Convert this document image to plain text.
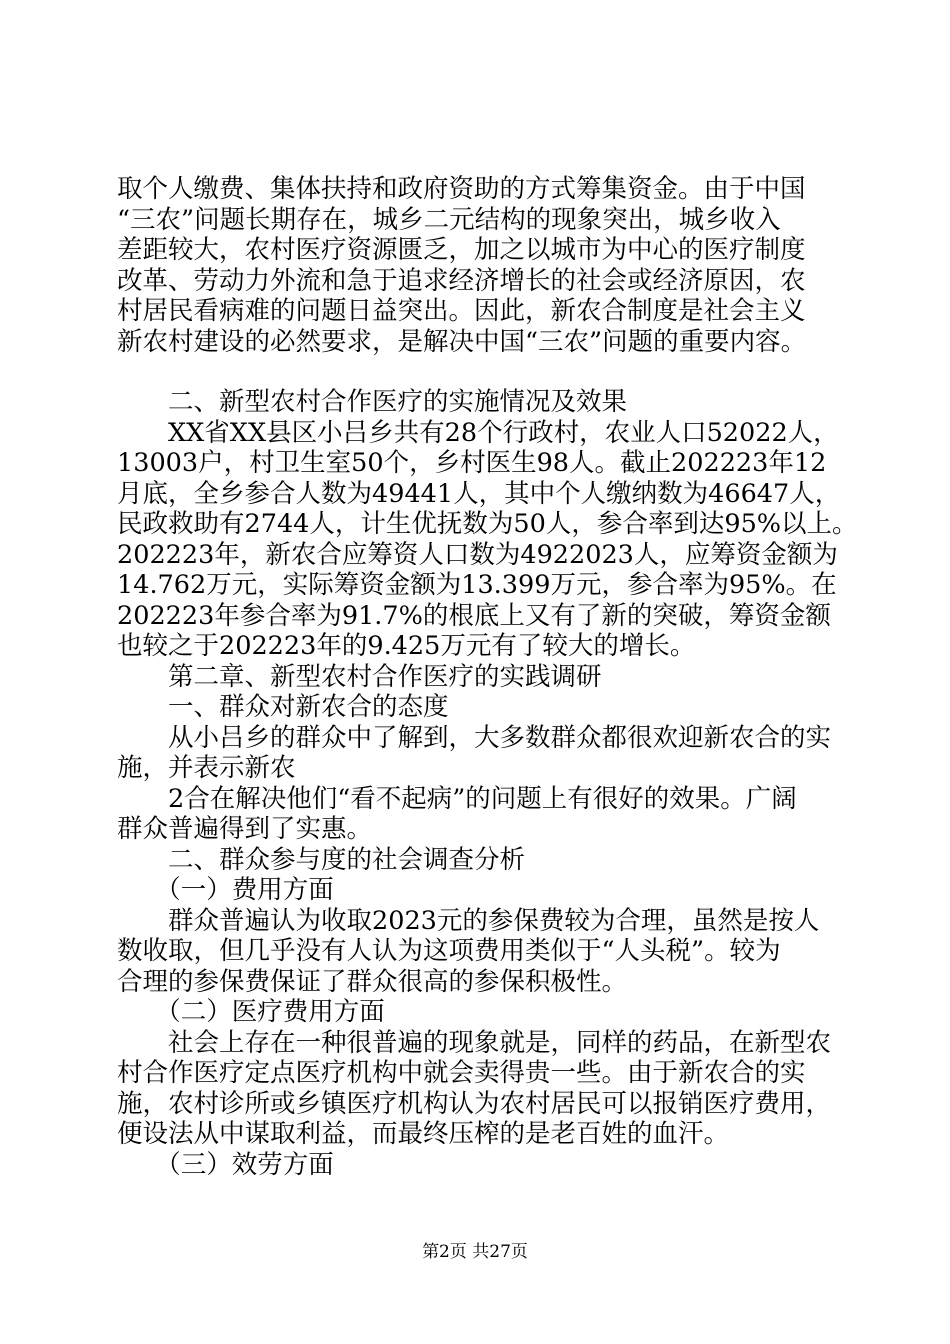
取个人缴费、集体扶持和政府资助的方式筹集资金。由于中国
“三农”问题长期存在，城乡二元结构的现象突出，城乡收入
差距较大，农村医疗资源匮乏，加之以城市为中心的医疗制度
改革、劳动力外流和急于追求经济增长的社会或经济原因，农
村居民看病难的问题日益突出。因此，新农合制度是社会主义
新农村建设的必然要求，是解决中国“三农”问题的重要内容。
　　二、新型农村合作医疗的实施情况及效果
　　XX省XX县区小吕乡共有28个行政村，农业人口52022人，
13003户，村卫生室50个，乡村医生98人。截止202223年12
月底，全乡参合人数为49441人，其中个人缴纳数为46647人，
民政救助有2744人，计生优抚数为50人，参合率到达95%以上。
202223年，新农合应筹资人口数为4922023人，应筹资金额为
14.762万元，实际筹资金额为13.399万元，参合率为95%。在
202223年参合率为91.7%的根底上又有了新的突破，筹资金额
也较之于202223年的9.425万元有了较大的增长。
　　第二章、新型农村合作医疗的实践调研
　　一、群众对新农合的态度
　　从小吕乡的群众中了解到，大多数群众都很欢迎新农合的实
施，并表示新农
　　2合在解决他们“看不起病”的问题上有很好的效果。广阔
群众普遍得到了实惠。
　　二、群众参与度的社会调查分析
　　（一）费用方面
　　群众普遍认为收取2023元的参保费较为合理，虽然是按人
数收取，但几乎没有人认为这项费用类似于“人头税”。较为
合理的参保费保证了群众很高的参保积极性。
　　（二）医疗费用方面
　　社会上存在一种很普遍的现象就是，同样的药品，在新型农
村合作医疗定点医疗机构中就会卖得贵一些。由于新农合的实
施，农村诊所或乡镇医疗机构认为农村居民可以报销医疗费用，
便设法从中谋取利益，而最终压榨的是老百姓的血汗。
　　（三）效劳方面
第2页 共27页
